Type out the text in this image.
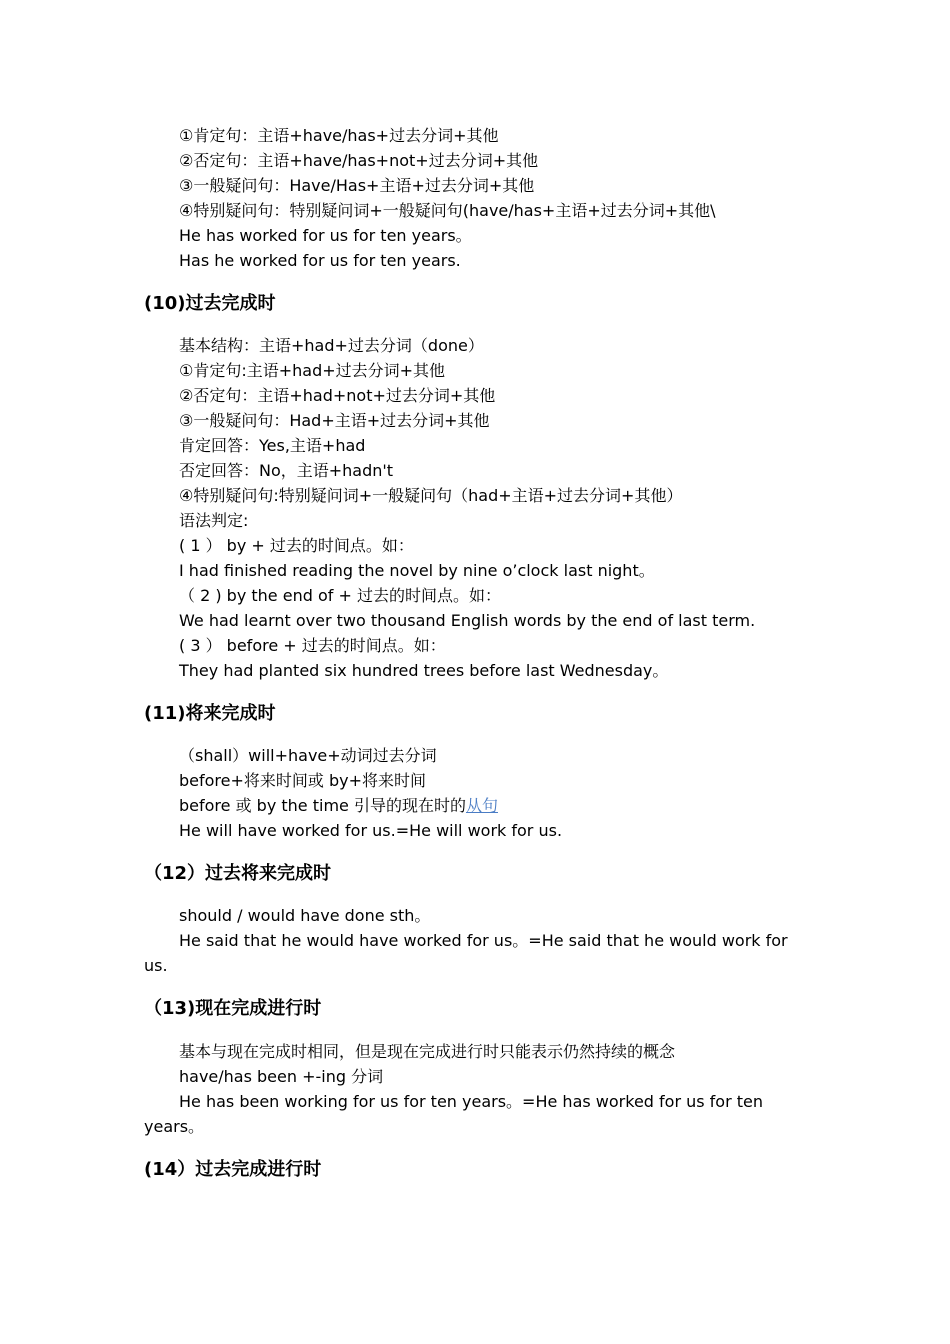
①肯定句：主语+have/has+过去分词+其他
②否定句：主语+have/has+not+过去分词+其他
③一般疑问句：Have/Has+主语+过去分词+其他
④特别疑问句：特别疑问词+一般疑问句(have/has+主语+过去分词+其他\
He has worked for us for ten years。
Has he worked for us for ten years.
(10)过去完成时
基本结构：主语+had+过去分词（done）
①肯定句:主语+had+过去分词+其他
②否定句：主语+had+not+过去分词+其他
③一般疑问句：Had+主语+过去分词+其他
肯定回答：Yes,主语+had
否定回答：No，主语+hadn't
④特别疑问句:特别疑问词+一般疑问句（had+主语+过去分词+其他）
语法判定:
( 1 ） by + 过去的时间点。如：
I had finished reading the novel by nine o’clock last night。
（ 2 ) by the end of + 过去的时间点。如：
We had learnt over two thousand English words by the end of last term.
( 3 ） before + 过去的时间点。如：
They had planted six hundred trees before last Wednesday。
(11)将来完成时
（shall）will+have+动词过去分词
before+将来时间或 by+将来时间
before 或 by the time 引导的现在时的从句
He will have worked for us.=He will work for us.
（12）过去将来完成时
should / would have done sth。
He said that he would have worked for us。=He said that he would work for us.
（13)现在完成进行时
基本与现在完成时相同，但是现在完成进行时只能表示仍然持续的概念
have/has been +-ing 分词
He has been working for us for ten years。=He has worked for us for ten years。
(14）过去完成进行时
